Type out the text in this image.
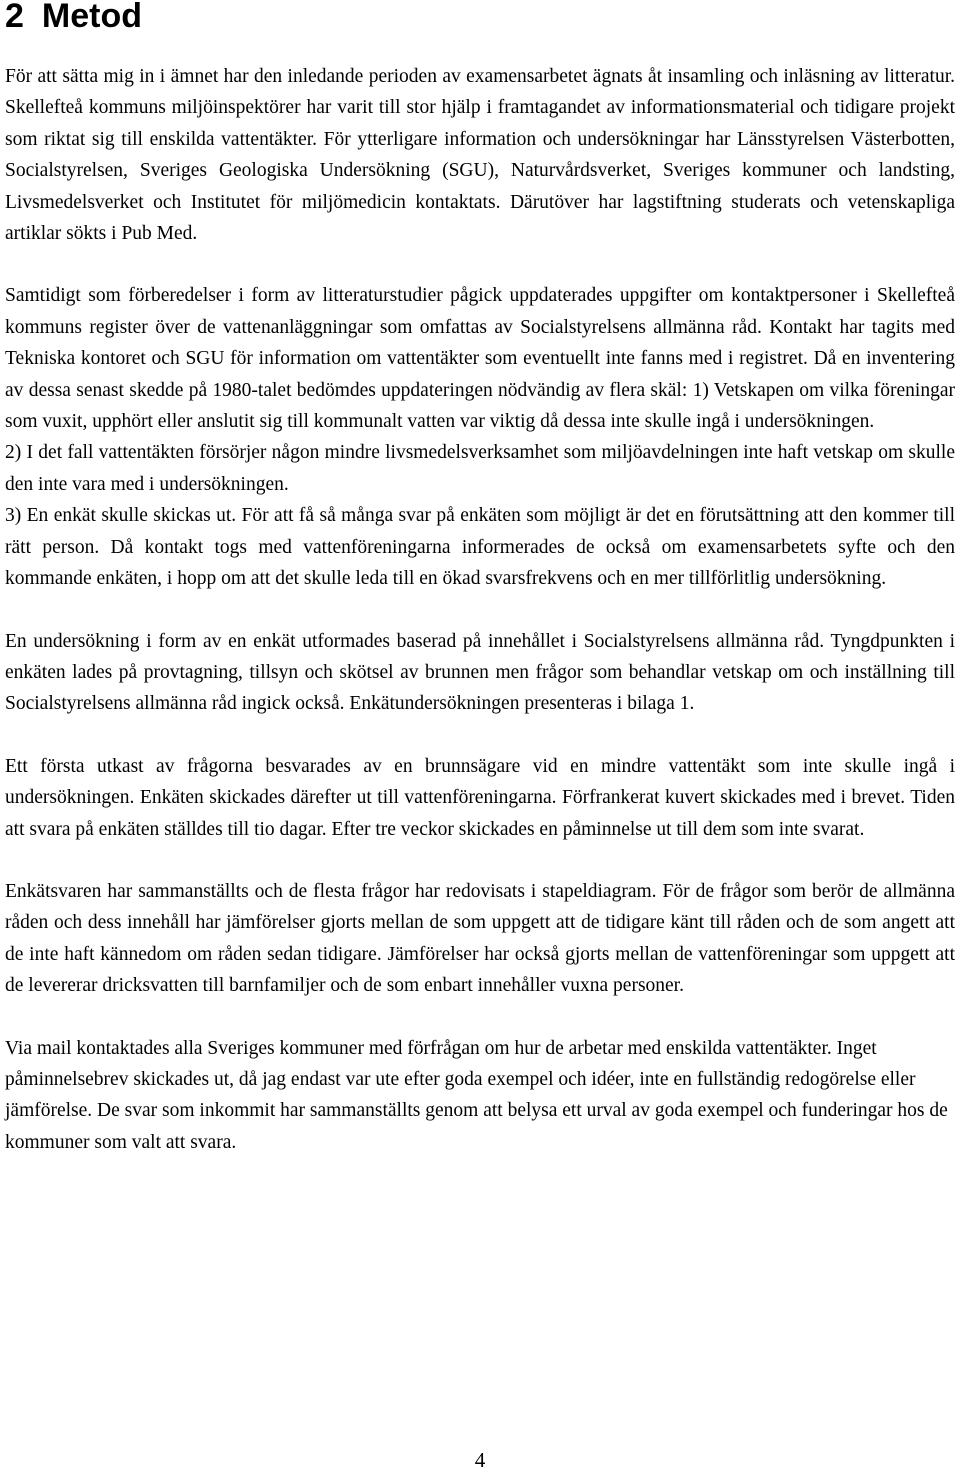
2 Metod

För att sätta mig in i ämnet har den inledande perioden av examensarbetet ägnats åt insamling och inläsning av litteratur. Skellefteå kommuns miljöinspektörer har varit till stor hjälp i framtagandet av informationsmaterial och tidigare projekt som riktat sig till enskilda vattentäkter. För ytterligare information och undersökningar har Länsstyrelsen Västerbotten, Socialstyrelsen, Sveriges Geologiska Undersökning (SGU), Naturvårdsverket, Sveriges kommuner och landsting, Livsmedelsverket och Institutet för miljömedicin kontaktats. Därutöver har lagstiftning studerats och vetenskapliga artiklar sökts i Pub Med.

Samtidigt som förberedelser i form av litteraturstudier pågick uppdaterades uppgifter om kontaktpersoner i Skellefteå kommuns register över de vattenanläggningar som omfattas av Socialstyrelsens allmänna råd. Kontakt har tagits med Tekniska kontoret och SGU för information om vattentäkter som eventuellt inte fanns med i registret. Då en inventering av dessa senast skedde på 1980-talet bedömdes uppdateringen nödvändig av flera skäl: 1) Vetskapen om vilka föreningar som vuxit, upphört eller anslutit sig till kommunalt vatten var viktig då dessa inte skulle ingå i undersökningen.

2) I det fall vattentäkten försörjer någon mindre livsmedelsverksamhet som miljöavdelningen inte haft vetskap om skulle den inte vara med i undersökningen.

3) En enkät skulle skickas ut. För att få så många svar på enkäten som möjligt är det en förutsättning att den kommer till rätt person. Då kontakt togs med vattenföreningarna informerades de också om examensarbetets syfte och den kommande enkäten, i hopp om att det skulle leda till en ökad svarsfrekvens och en mer tillförlitlig undersökning.

En undersökning i form av en enkät utformades baserad på innehållet i Socialstyrelsens allmänna råd. Tyngdpunkten i enkäten lades på provtagning, tillsyn och skötsel av brunnen men frågor som behandlar vetskap om och inställning till Socialstyrelsens allmänna råd ingick också. Enkätundersökningen presenteras i bilaga 1.

Ett första utkast av frågorna besvarades av en brunnsägare vid en mindre vattentäkt som inte skulle ingå i undersökningen. Enkäten skickades därefter ut till vattenföreningarna. Förfrankerat kuvert skickades med i brevet. Tiden att svara på enkäten ställdes till tio dagar. Efter tre veckor skickades en påminnelse ut till dem som inte svarat.

Enkätsvaren har sammanställts och de flesta frågor har redovisats i stapeldiagram. För de frågor som berör de allmänna råden och dess innehåll har jämförelser gjorts mellan de som uppgett att de tidigare känt till råden och de som angett att de inte haft kännedom om råden sedan tidigare. Jämförelser har också gjorts mellan de vattenföreningar som uppgett att de levererar dricksvatten till barnfamiljer och de som enbart innehåller vuxna personer.

Via mail kontaktades alla Sveriges kommuner med förfrågan om hur de arbetar med enskilda vattentäkter. Inget påminnelsebrev skickades ut, då jag endast var ute efter goda exempel och idéer, inte en fullständig redogörelse eller jämförelse. De svar som inkommit har sammanställts genom att belysa ett urval av goda exempel och funderingar hos de kommuner som valt att svara.

4
